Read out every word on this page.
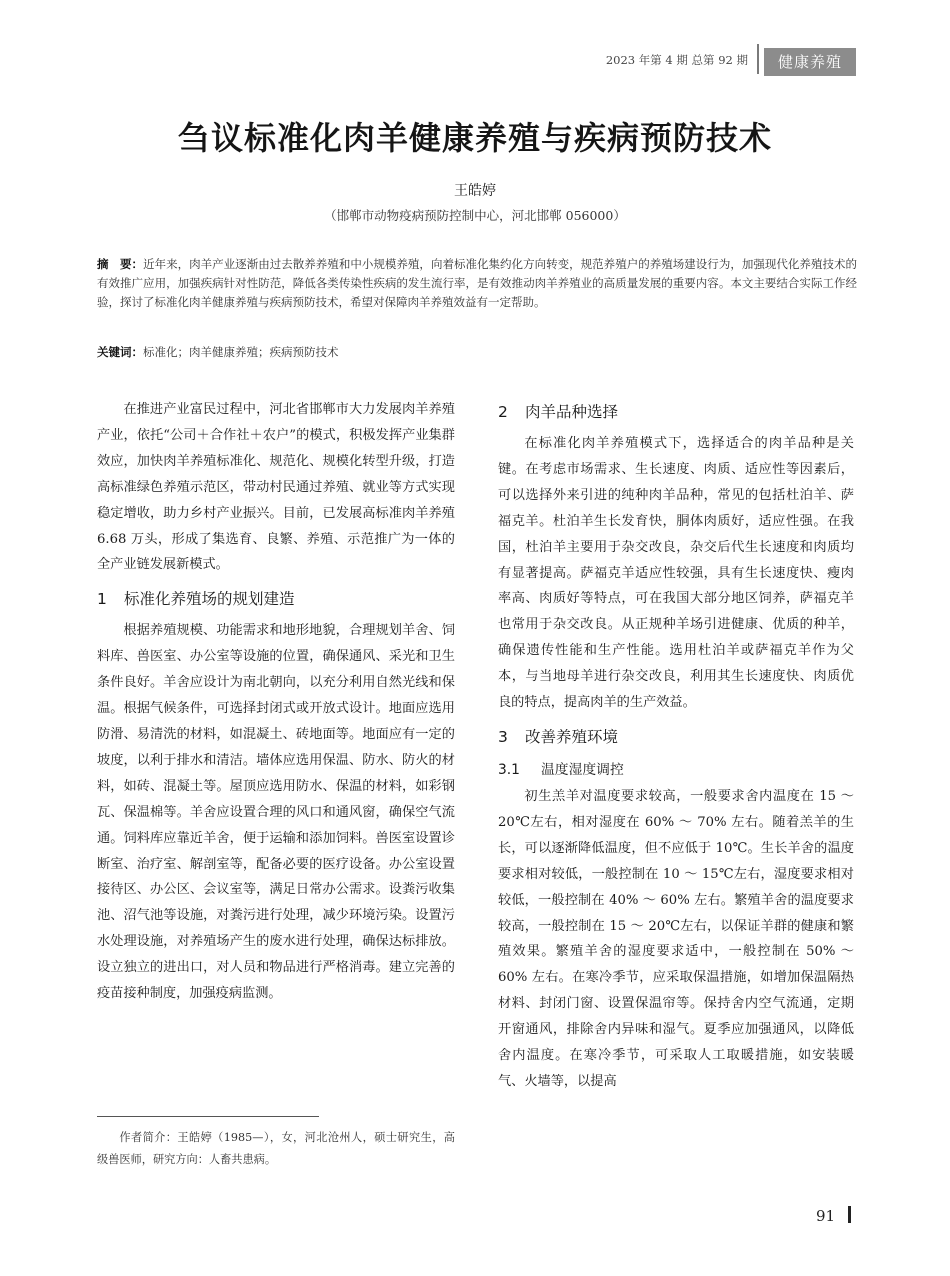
2023 年第 4 期 总第 92 期	健康养殖
刍议标准化肉羊健康养殖与疾病预防技术
王皓婷
（邯郸市动物疫病预防控制中心，河北邯郸 056000）
摘　要：近年来，肉羊产业逐渐由过去散养养殖和中小规模养殖，向着标准化集约化方向转变，规范养殖户的养殖场建设行为，加强现代化养殖技术的有效推广应用，加强疾病针对性防范，降低各类传染性疾病的发生流行率，是有效推动肉羊养殖业的高质量发展的重要内容。本文主要结合实际工作经验，探讨了标准化肉羊健康养殖与疾病预防技术，希望对保障肉羊养殖效益有一定帮助。
关键词：标准化；肉羊健康养殖；疾病预防技术

在推进产业富民过程中，河北省邯郸市大力发展肉羊养殖产业，依托“公司＋合作社＋农户”的模式，积极发挥产业集群效应，加快肉羊养殖标准化、规范化、规模化转型升级，打造高标准绿色养殖示范区，带动村民通过养殖、就业等方式实现稳定增收，助力乡村产业振兴。目前，已发展高标准肉羊养殖 6.68 万头，形成了集选育、良繁、养殖、示范推广为一体的全产业链发展新模式。

1 标准化养殖场的规划建造

根据养殖规模、功能需求和地形地貌，合理规划羊舍、饲料库、兽医室、办公室等设施的位置，确保通风、采光和卫生条件良好。羊舍应设计为南北朝向，以充分利用自然光线和保温。根据气候条件，可选择封闭式或开放式设计。地面应选用防滑、易清洗的材料，如混凝土、砖地面等。地面应有一定的坡度，以利于排水和清洁。墙体应选用保温、防水、防火的材料，如砖、混凝土等。屋顶应选用防水、保温的材料，如彩钢瓦、保温棉等。羊舍应设置合理的风口和通风窗，确保空气流通。饲料库应靠近羊舍，便于运输和添加饲料。兽医室设置诊断室、治疗室、解剖室等，配备必要的医疗设备。办公室设置接待区、办公区、会议室等，满足日常办公需求。设粪污收集池、沼气池等设施，对粪污进行处理，减少环境污染。设置污水处理设施，对养殖场产生的废水进行处理，确保达标排放。设立独立的进出口，对人员和物品进行严格消毒。建立完善的疫苗接种制度，加强疫病监测。

2 肉羊品种选择

在标准化肉羊养殖模式下，选择适合的肉羊品种是关键。在考虑市场需求、生长速度、肉质、适应性等因素后，可以选择外来引进的纯种肉羊品种，常见的包括杜泊羊、萨福克羊。杜泊羊生长发育快，胴体肉质好，适应性强。在我国，杜泊羊主要用于杂交改良，杂交后代生长速度和肉质均有显著提高。萨福克羊适应性较强，具有生长速度快、瘦肉率高、肉质好等特点，可在我国大部分地区饲养，萨福克羊也常用于杂交改良。从正规种羊场引进健康、优质的种羊，确保遗传性能和生产性能。选用杜泊羊或萨福克羊作为父本，与当地母羊进行杂交改良，利用其生长速度快、肉质优良的特点，提高肉羊的生产效益。

3 改善养殖环境
3.1 温度湿度调控

初生羔羊对温度要求较高，一般要求舍内温度在 15 ～ 20℃左右，相对湿度在 60% ～ 70% 左右。随着羔羊的生长，可以逐渐降低温度，但不应低于 10℃。生长羊舍的温度要求相对较低，一般控制在 10 ～ 15℃左右，湿度要求相对较低，一般控制在 40% ～ 60% 左右。繁殖羊舍的温度要求较高，一般控制在 15 ～ 20℃左右，以保证羊群的健康和繁殖效果。繁殖羊舍的湿度要求适中，一般控制在 50% ～ 60% 左右。在寒冷季节，应采取保温措施，如增加保温隔热材料、封闭门窗、设置保温帘等。保持舍内空气流通，定期开窗通风，排除舍内异味和湿气。夏季应加强通风，以降低舍内温度。在寒冷季节，可采取人工取暖措施，如安装暖气、火墙等，以提高

作者简介：王皓婷（1985—），女，河北沧州人，硕士研究生，高级兽医师，研究方向：人畜共患病。
91
